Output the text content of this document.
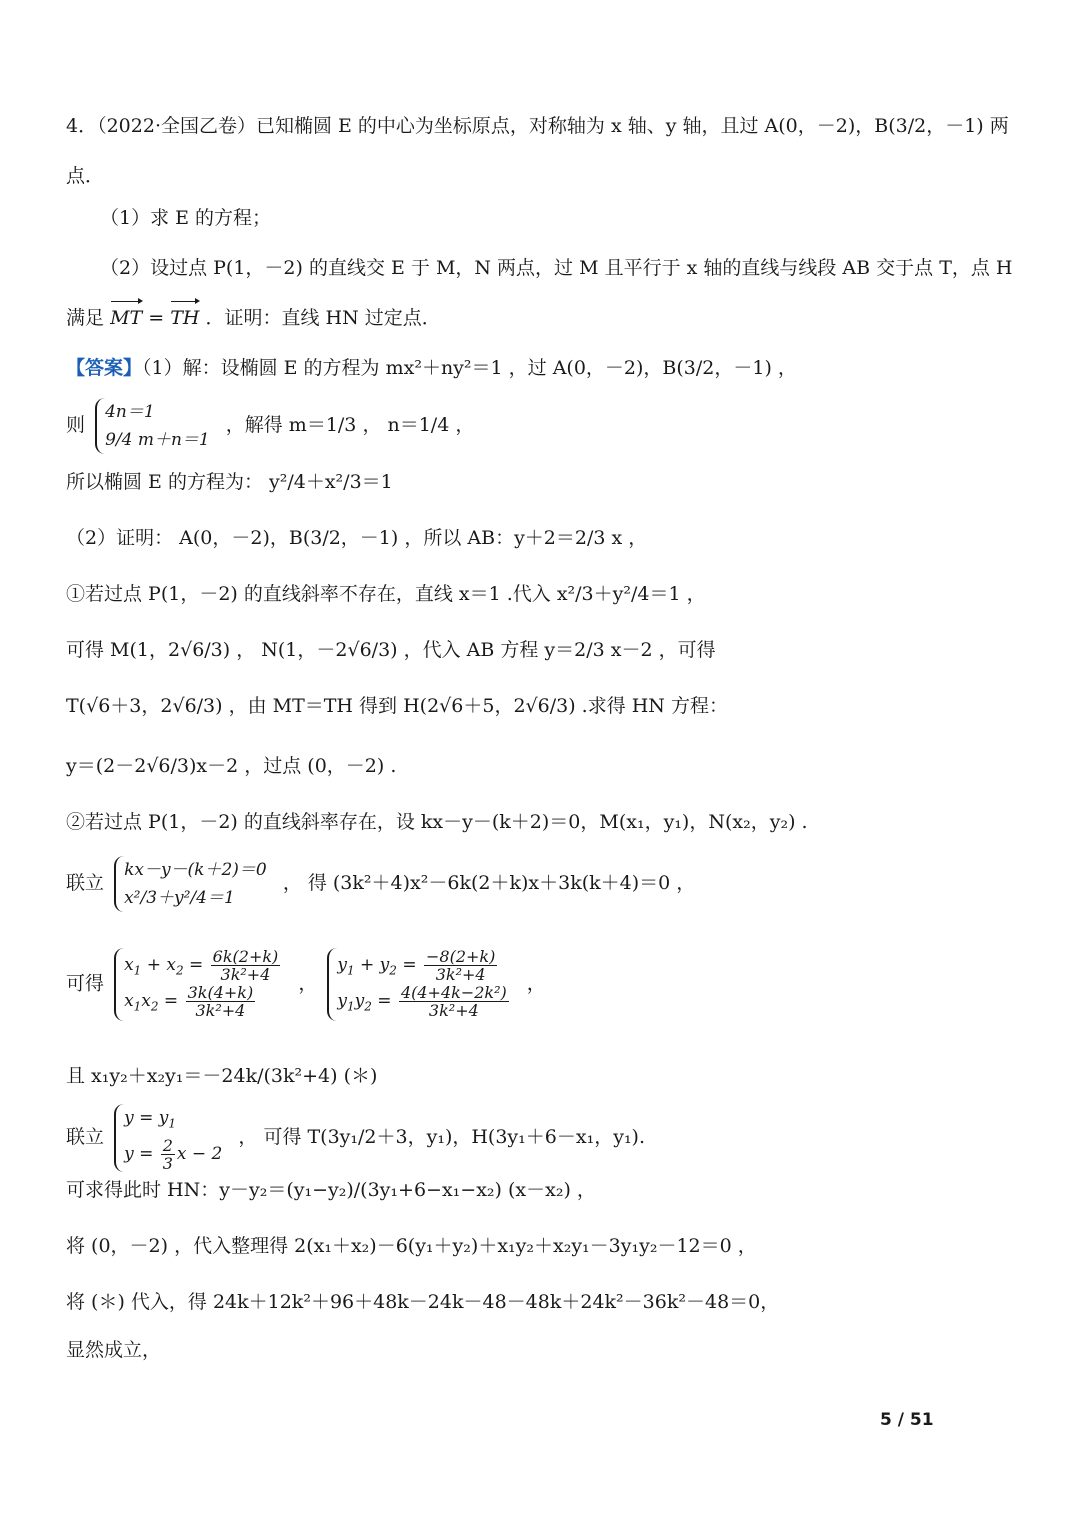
4．（2022·全国乙卷）已知椭圆 E 的中心为坐标原点，对称轴为 x 轴、y 轴，且过 A(0，－2)，B(3/2，－1) 两
点．
（1）求 E 的方程；
（2）设过点 P(1，－2) 的直线交 E 于 M，N 两点，过 M 且平行于 x 轴的直线与线段 AB 交于点 T，点 H
满足 MT = TH ．证明：直线 HN 过定点．
【答案】（1）解：设椭圆 E 的方程为 mx²＋ny²＝1 ，过 A(0，－2)，B(3/2，－1) ，
则
4n＝1
9/4 m＋n＝1
，解得 m＝1/3 ， n＝1/4 ，
所以椭圆 E 的方程为： y²/4＋x²/3＝1
（2）证明： A(0，－2)，B(3/2，－1) ，所以 AB：y＋2＝2/3 x ，
①若过点 P(1，－2) 的直线斜率不存在，直线 x＝1 .代入 x²/3＋y²/4＝1 ，
可得 M(1，2√6/3) ， N(1，－2√6/3) ，代入 AB 方程 y＝2/3 x－2 ，可得
T(√6＋3，2√6/3) ，由 MT＝TH 得到 H(2√6＋5，2√6/3) .求得 HN 方程：
y＝(2－2√6/3)x－2 ，过点 (0，－2) .
②若过点 P(1，－2) 的直线斜率存在，设 kx－y－(k＋2)＝0，M(x₁，y₁)，N(x₂，y₂) .
联立
kx－y－(k＋2)＝0
x²/3＋y²/4＝1
， 得 (3k²＋4)x²－6k(2＋k)x＋3k(k＋4)＝0 ，
可得
$x_1 + x_2 = \frac{6k(2+k)}{\text{3k²+4}}$
$x_1x_2 = \frac{3k(4+k)}{\text{3k²+4}}$
，
$y_1 + y_2 = \frac{-8(2+k)}{\text{3k²+4}}$
$y_1y_2 = \frac{\text{4(4+4k−2k²)}}{\text{3k²+4}}$
，
且 x₁y₂＋x₂y₁＝－24k/(3k²+4) (＊)
联立
$y = y_1$
$y = \frac{2}{3}$ x − 2
， 可得 T(3y₁/2＋3，y₁)，H(3y₁＋6－x₁，y₁).
可求得此时 HN：y－y₂＝(y₁−y₂)/(3y₁+6−x₁−x₂) (x－x₂) ，
将 (0，－2) ，代入整理得 2(x₁＋x₂)－6(y₁＋y₂)＋x₁y₂＋x₂y₁－3y₁y₂－12＝0 ，
将 (＊) 代入，得 24k＋12k²＋96＋48k－24k－48－48k＋24k²－36k²－48＝0，
显然成立，
5 / 51
